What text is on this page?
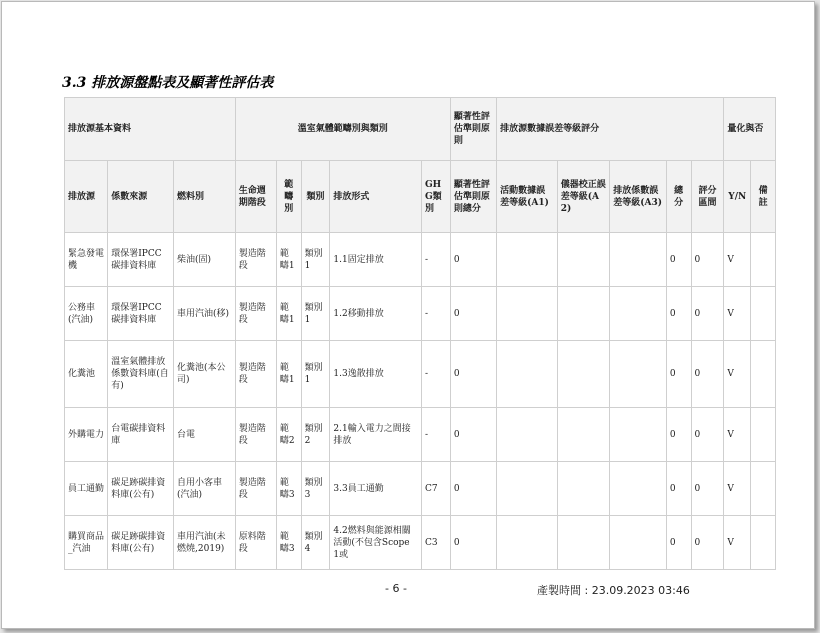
3.3 排放源盤點表及顯著性評估表
排放源基本資料			溫室氣體範疇別與類別					顯著性評估準則原則	排放源數據誤差等級評分					量化與否	
排放源	係數來源	燃料別	生命週期階段	範疇別	類別	排放形式	GHG類別	顯著性評估準則原則總分	活動數據誤差等級(A1)	儀器校正誤差等級(A2)	排放係數誤差等級(A3)	總分	評分區間	Y/N	備註
緊急發電機	環保署IPCC碳排資料庫	柴油(固)	製造階段	範疇1	類別1	1.1固定排放	-	0				0	0	V	
公務車(汽油)	環保署IPCC碳排資料庫	車用汽油(移)	製造階段	範疇1	類別1	1.2移動排放	-	0				0	0	V	
化糞池	溫室氣體排放係數資料庫(自有)	化糞池(本公司)	製造階段	範疇1	類別1	1.3逸散排放	-	0				0	0	V	
外購電力	台電碳排資料庫	台電	製造階段	範疇2	類別2	2.1輸入電力之間接排放	-	0				0	0	V	
員工通勤	碳足跡碳排資料庫(公有)	自用小客車(汽油)	製造階段	範疇3	類別3	3.3員工通勤	C7	0				0	0	V	
購買商品_汽油	碳足跡碳排資料庫(公有)	車用汽油(未燃燒,2019)	原料階段	範疇3	類別4	4.2燃料與能源相關活動(不包含Scope 1或	C3	0				0	0	V	
- 6 -	產製時間 : 23.09.2023 03:46
